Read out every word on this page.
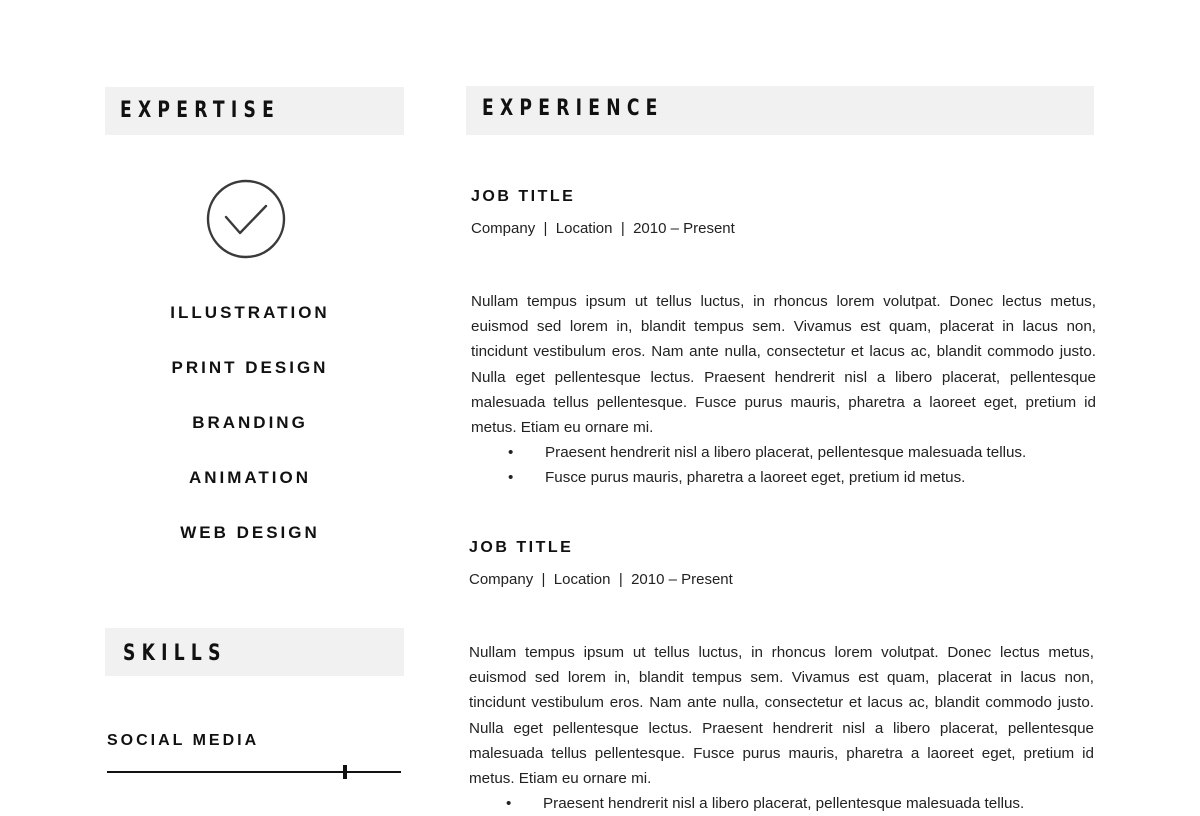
EXPERTISE
ILLUSTRATION
PRINT DESIGN
BRANDING
ANIMATION
WEB DESIGN
SKILLS
SOCIAL MEDIA
EXPERIENCE
JOB TITLE
Company  |  Location  |  2010 – Present

Nullam tempus ipsum ut tellus luctus, in rhoncus lorem volutpat. Donec lectus metus, euismod sed lorem in, blandit tempus sem. Vivamus est quam, placerat in lacus non, tincidunt vestibulum eros. Nam ante nulla, consectetur et lacus ac, blandit commodo justo. Nulla eget pellentesque lectus. Praesent hendrerit nisl a libero placerat, pellentesque malesuada tellus pellentesque. Fusce purus mauris, pharetra a laoreet eget, pretium id metus. Etiam eu ornare mi.

• Praesent hendrerit nisl a libero placerat, pellentesque malesuada tellus.
• Fusce purus mauris, pharetra a laoreet eget, pretium id metus.
JOB TITLE
Company  |  Location  |  2010 – Present

Nullam tempus ipsum ut tellus luctus, in rhoncus lorem volutpat. Donec lectus metus, euismod sed lorem in, blandit tempus sem. Vivamus est quam, placerat in lacus non, tincidunt vestibulum eros. Nam ante nulla, consectetur et lacus ac, blandit commodo justo. Nulla eget pellentesque lectus. Praesent hendrerit nisl a libero placerat, pellentesque malesuada tellus pellentesque. Fusce purus mauris, pharetra a laoreet eget, pretium id metus. Etiam eu ornare mi.

• Praesent hendrerit nisl a libero placerat, pellentesque malesuada tellus.
